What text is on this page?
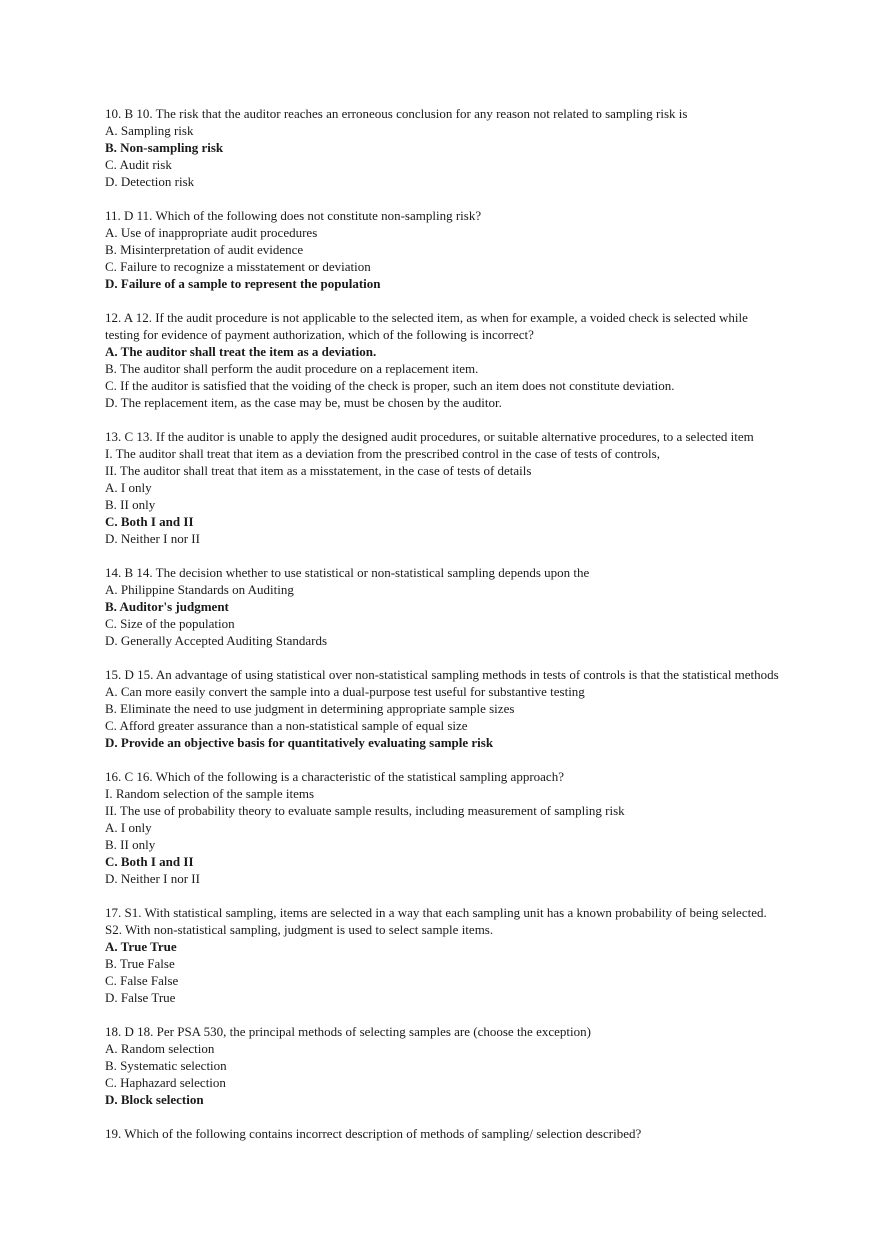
10. B 10. The risk that the auditor reaches an erroneous conclusion for any reason not related to sampling risk is
A. Sampling risk
B. Non-sampling risk
C. Audit risk
D. Detection risk
11. D 11. Which of the following does not constitute non-sampling risk?
A. Use of inappropriate audit procedures
B. Misinterpretation of audit evidence
C. Failure to recognize a misstatement or deviation
D. Failure of a sample to represent the population
12. A 12. If the audit procedure is not applicable to the selected item, as when for example, a voided check is selected while testing for evidence of payment authorization, which of the following is incorrect?
A. The auditor shall treat the item as a deviation.
B. The auditor shall perform the audit procedure on a replacement item.
C. If the auditor is satisfied that the voiding of the check is proper, such an item does not constitute deviation.
D. The replacement item, as the case may be, must be chosen by the auditor.
13. C 13. If the auditor is unable to apply the designed audit procedures, or suitable alternative procedures, to a selected item
I. The auditor shall treat that item as a deviation from the prescribed control in the case of tests of controls,
II. The auditor shall treat that item as a misstatement, in the case of tests of details
A. I only
B. II only
C. Both I and II
D. Neither I nor II
14. B 14. The decision whether to use statistical or non-statistical sampling depends upon the
A. Philippine Standards on Auditing
B. Auditor's judgment
C. Size of the population
D. Generally Accepted Auditing Standards
15. D 15. An advantage of using statistical over non-statistical sampling methods in tests of controls is that the statistical methods
A. Can more easily convert the sample into a dual-purpose test useful for substantive testing
B. Eliminate the need to use judgment in determining appropriate sample sizes
C. Afford greater assurance than a non-statistical sample of equal size
D. Provide an objective basis for quantitatively evaluating sample risk
16. C 16. Which of the following is a characteristic of the statistical sampling approach?
I. Random selection of the sample items
II. The use of probability theory to evaluate sample results, including measurement of sampling risk
A. I only
B. II only
C. Both I and II
D. Neither I nor II
17. S1. With statistical sampling, items are selected in a way that each sampling unit has a known probability of being selected. S2. With non-statistical sampling, judgment is used to select sample items.
A. True True
B. True False
C. False False
D. False True
18. D 18. Per PSA 530, the principal methods of selecting samples are (choose the exception)
A. Random selection
B. Systematic selection
C. Haphazard selection
D. Block selection
19. Which of the following contains incorrect description of methods of sampling/ selection described?
